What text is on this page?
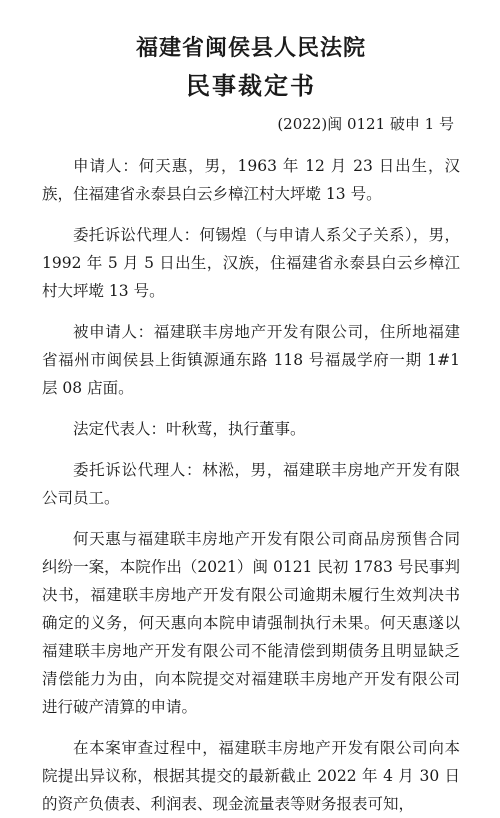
福建省闽侯县人民法院
民事裁定书
(2022)闽 0121 破申 1 号

申请人：何天惠，男，1963 年 12 月 23 日出生，汉族，住福建省永泰县白云乡樟江村大坪墘 13 号。

委托诉讼代理人：何锡煌（与申请人系父子关系），男，1992 年 5 月 5 日出生，汉族，住福建省永泰县白云乡樟江村大坪墘 13 号。

被申请人：福建联丰房地产开发有限公司，住所地福建省福州市闽侯县上街镇源通东路 118 号福晟学府一期 1#1 层 08 店面。

法定代表人：叶秋莺，执行董事。

委托诉讼代理人：林淞，男，福建联丰房地产开发有限公司员工。

何天惠与福建联丰房地产开发有限公司商品房预售合同纠纷一案，本院作出（2021）闽 0121 民初 1783 号民事判决书，福建联丰房地产开发有限公司逾期未履行生效判决书确定的义务，何天惠向本院申请强制执行未果。何天惠遂以福建联丰房地产开发有限公司不能清偿到期债务且明显缺乏清偿能力为由，向本院提交对福建联丰房地产开发有限公司进行破产清算的申请。

在本案审查过程中，福建联丰房地产开发有限公司向本院提出异议称，根据其提交的最新截止 2022 年 4 月 30 日的资产负债表、利润表、现金流量表等财务报表可知，
